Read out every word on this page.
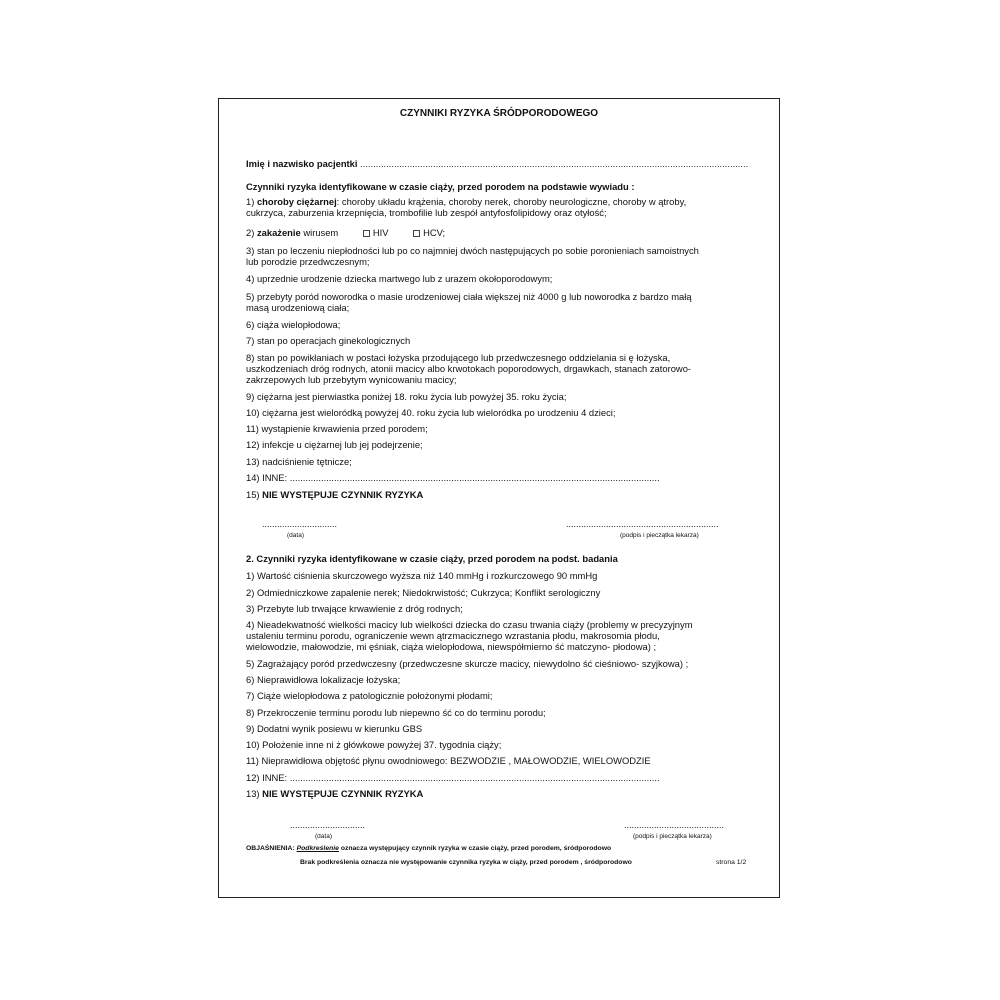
CZYNNIKI RYZYKA ŚRÓDPORODOWEGO
Imię i nazwisko pacjentki .....................................................................................................................................................
Czynniki ryzyka identyfikowane w czasie ciąży, przed porodem na podstawie wywiadu :
1) choroby ciężarnej: choroby układu krążenia, choroby nerek, choroby neurologiczne, choroby w ątroby,
cukrzyca, zaburzenia krzepnięcia, trombofilie lub zespół antyfosfolipidowy oraz otyłość;
2) zakażenie wirusem	HIV	HCV;
3) stan po leczeniu niepłodności lub po co najmniej dwóch następujących po sobie poronieniach samoistnych
lub porodzie przedwczesnym;
4) uprzednie urodzenie dziecka martwego lub z urazem okołoporodowym;
5) przebyty poród noworodka o masie urodzeniowej ciała większej niż 4000 g lub noworodka z bardzo małą
masą urodzeniową ciała;
6) ciąża wielopłodowa;
7) stan po operacjach ginekologicznych
8) stan po powikłaniach w postaci łożyska przodującego lub przedwczesnego oddzielania si ę łożyska,
uszkodzeniach dróg rodnych, atonii macicy albo krwotokach poporodowych, drgawkach, stanach zatorowo-
zakrzepowych lub przebytym wynicowaniu macicy;
9) ciężarna jest pierwiastka poniżej 18. roku życia lub powyżej 35. roku życia;
10) ciężarna jest wieloródką powyżej 40. roku życia lub wieloródka po urodzeniu 4 dzieci;
11) wystąpienie krwawienia przed porodem;
12) infekcje u ciężarnej lub jej podejrzenie;
13) nadciśnienie tętnicze;
14) INNE: ..............................................................................................................................................
15) NIE WYSTĘPUJE CZYNNIK RYZYKA
..............................
(data)
.............................................................
(podpis i pieczątka lekarza)
2. Czynniki ryzyka identyfikowane w czasie ciąży, przed porodem na podst. badania
1) Wartość ciśnienia skurczowego wyższa niż 140 mmHg i rozkurczowego 90 mmHg
2) Odmiedniczkowe zapalenie nerek; Niedokrwistość; Cukrzyca; Konflikt serologiczny
3) Przebyte lub trwające krwawienie z dróg rodnych;
4) Nieadekwatność wielkości macicy lub wielkości dziecka do czasu trwania ciąży (problemy w precyzyjnym
ustaleniu terminu porodu, ograniczenie wewn ątrzmacicznego wzrastania płodu, makrosomia płodu,
wielowodzie, małowodzie, mi ęśniak, ciąża wielopłodowa, niewspółmierno ść matczyno- płodowa) ;
5) Zagrażający poród przedwczesny (przedwczesne skurcze macicy, niewydolno ść cieśniowo- szyjkowa) ;
6) Nieprawidłowa lokalizacje łożyska;
7) Ciąże wielopłodowa z patologicznie położonymi płodami;
8) Przekroczenie terminu porodu lub niepewno ść co do terminu porodu;
9) Dodatni wynik posiewu w kierunku GBS
10) Położenie inne ni ż główkowe powyżej 37. tygodnia ciąży;
11) Nieprawidłowa objętość płynu owodniowego: BEZWODZIE , MAŁOWODZIE, WIELOWODZIE
12) INNE: ..............................................................................................................................................
13) NIE WYSTĘPUJE CZYNNIK RYZYKA
..............................
(data)
........................................
(podpis i pieczątka lekarza)
OBJAŚNIENIA: Podkreślenie oznacza występujący czynnik ryzyka w czasie ciąży, przed porodem, śródporodowo
Brak podkreślenia oznacza nie występowanie czynnika ryzyka w ciąży, przed porodem , śródporodowo	strona 1/2
